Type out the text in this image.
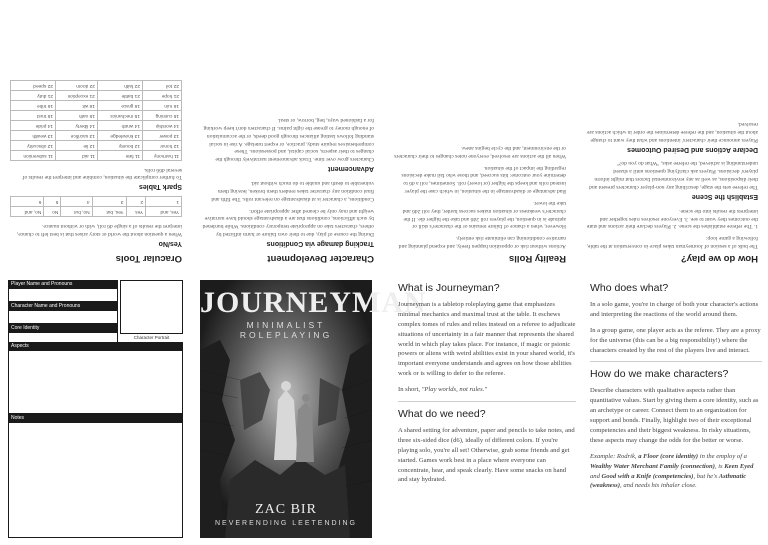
Oracular Tools
Yes/No

When a question about the world or story arises that is best left to chance, interpret the results of a single d6 roll, with or without nuance.

Yes, and	Yes	Yes, but	No, but	No	No, and
1	2	3	4	5	6
Spark Tables

To further complicate the situation, combine and interpret the results of several d66 rolls.

11 harmony	11 fate	11 aid	11 subversion
12 honor	12 bounty	12 lie	12 obscurity
13 power	13 knowledge	13 sacrifice	13 wealth
14 worship	14 wrath	14 liberty	14 pride
15 cunning	15 mechanics	15 oath	15 trust
16 ruin	16 grace	16 wit	16 tribe
21 hope	21 battle	21 exception	21 duty
22 toil	22 faith	22 doom	22 speed
Character Development
Tracking damage via Conditions

During the course of play, due to their own failure or harm inflicted by others, characters take on appropriate temporary conditions. While burdened by such afflictions, conditions that are a disadvantage should have narrative weight and may only be cleared after appropriate effort.

Conditions, a character is at disadvantage on relevant rolls. The fifth and final condition any character takes renders them broken, leaving them vulnerable to death and unable to do much without aid.

Advancement

Characters grow over time. Track advancement narratively through the changes to their aspects, social capital, and possessions. These comprehensives require study, practice, or expert tutelage. A rise in social standing follows lasting alliances through good deeds, or the accumulation of enough money to grease the right palms. If characters don't keep working for a fashioned ways, beg, borrow, or steal.

Reality Rolls

Actions without risk or opposition happen freely, and expend planning and narrative conditioning can eliminate risk entirely.

However, when a chance of failure remains or the character's skill or aptitude is in question, the players roll 2d6 and take the higher die. If the character's weakness or situation makes success harder, they roll 2d6 and take the lower.

Bad advantage or disadvantage in the situation, in which case the player instead rolls and keeps the higher (or lower) roll. Sometimes, roll a d6 to determine your outcome: hits succeed, and those who fail make decisions regarding the impact of the situation.

When all the actions are resolved, everyone notes changes to their characters or the environment, and the cycle begins anew.

How do we play?

The bulk of a session of Journeyman takes place in conversation at the table, following a game loop:

1. The referee establishes the scene. 2. Players declare their actions and state the outcomes they want to see. 3. Everyone resolves rules together and interprets the results into the scene.

Establish the Scene

The referee sets the stage, describing any non-player characters present and their dispositions, as well as any environmental factors that might inform players' decisions. Players ask clarifying questions until a shared understanding is achieved, the referee asks, "What do you do?"

Declare Actions and Desired Outcomes

Players announce their characters' intentions and what they want to change about the situation, and the referee determines the order in which actions are resolved.

Player Name and Pronouns
Character Name and Pronouns
Core Identity
Character Portrait
Aspects
Notes
JOURNEYMAN
MINIMALIST ROLEPLAYING
ZAC BIR
NEVERENDING LEETENDING
What is Journeyman?
Journeyman is a tabletop roleplaying game that emphasizes minimal mechanics and maximal trust at the table. It eschews complex tomes of rules and relies instead on a referee to adjudicate situations of uncertainty in a fair manner that represents the shared world in which play takes place. For instance, if magic or psionic powers or aliens with weird abilities exist in your shared world, it's important everyone understands and agrees on how those abilities work or is willing to defer to the referee.
In short, "Play worlds, not rules."
What do we need?
A shared setting for adventure, paper and pencils to take notes, and three six-sided dice (d6), ideally of different colors. If you're playing solo, you're all set! Otherwise, grab some friends and get started. Games work best in a place where everyone can concentrate, hear, and speak clearly. Have some snacks on hand and stay hydrated.
Who does what?
In a solo game, you're in charge of both your character's actions and interpreting the reactions of the world around them.
In a group game, one player acts as the referee. They are a proxy for the universe (this can be a big responsibility!) where the characters created by the rest of the players live and interact.
How do we make characters?
Describe characters with qualitative aspects rather than quantitative values. Start by giving them a core identity, such as an archetype or career. Connect them to an organization for support and bonds. Finally, highlight two of their exceptional competencies and their biggest weakness. In risky situations, these aspects may change the odds for the better or worse.
Example: Rodrik, a Floor (core identity) in the employ of a Wealthy Water Merchant Family (connection), is Keen Eyed and Good with a Knife (competencies), but he's Asthmatic (weakness), and needs his inhaler close.
